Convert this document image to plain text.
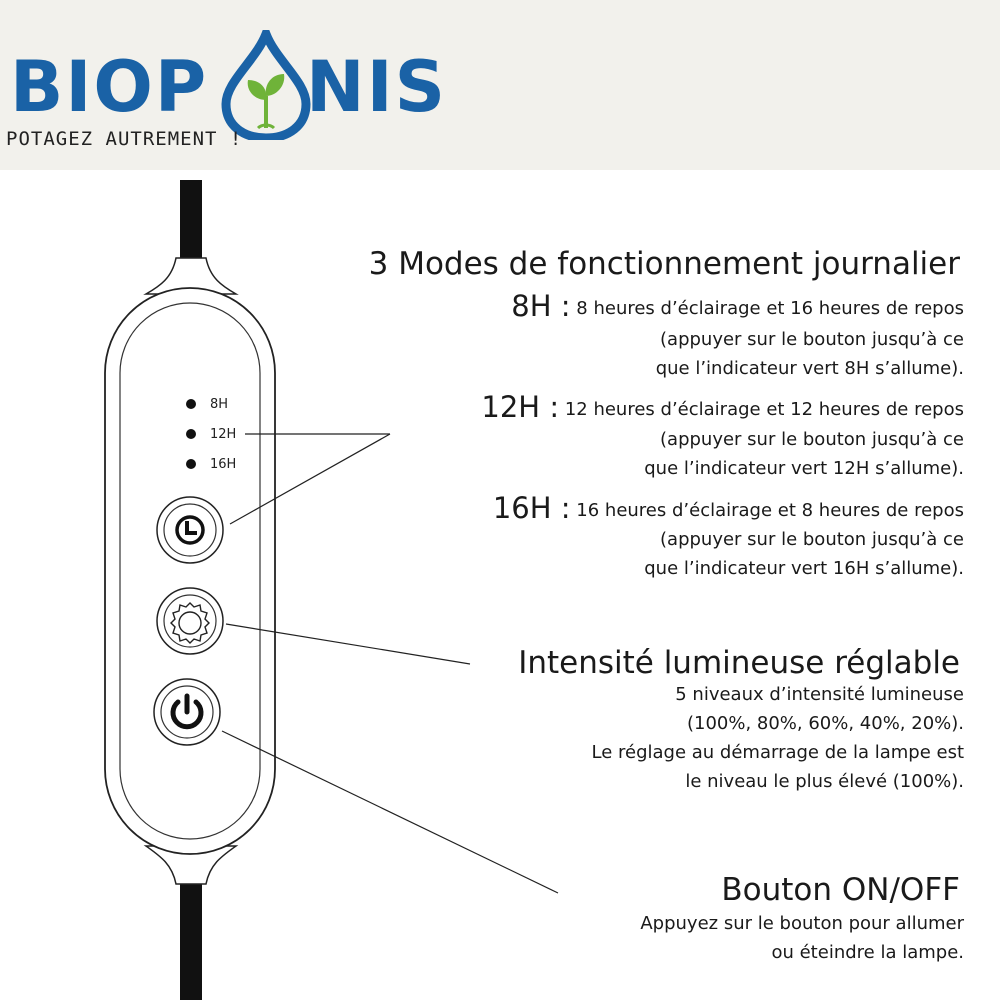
BIOP NIS
POTAGEZ AUTREMENT !
8H
12H
16H
3 Modes de fonctionnement journalier
8H : 8 heures d’éclairage et 16 heures de repos
(appuyer sur le bouton jusqu’à ce
que l’indicateur vert 8H s’allume).
12H : 12 heures d’éclairage et 12 heures de repos
(appuyer sur le bouton jusqu’à ce
que l’indicateur vert 12H s’allume).
16H : 16 heures d’éclairage et 8 heures de repos
(appuyer sur le bouton jusqu’à ce
que l’indicateur vert 16H s’allume).
Intensité lumineuse réglable
5 niveaux d’intensité lumineuse
(100%, 80%, 60%, 40%, 20%).
Le réglage au démarrage de la lampe est
le niveau le plus élevé (100%).
Bouton ON/OFF
Appuyez sur le bouton pour allumer
ou éteindre la lampe.
